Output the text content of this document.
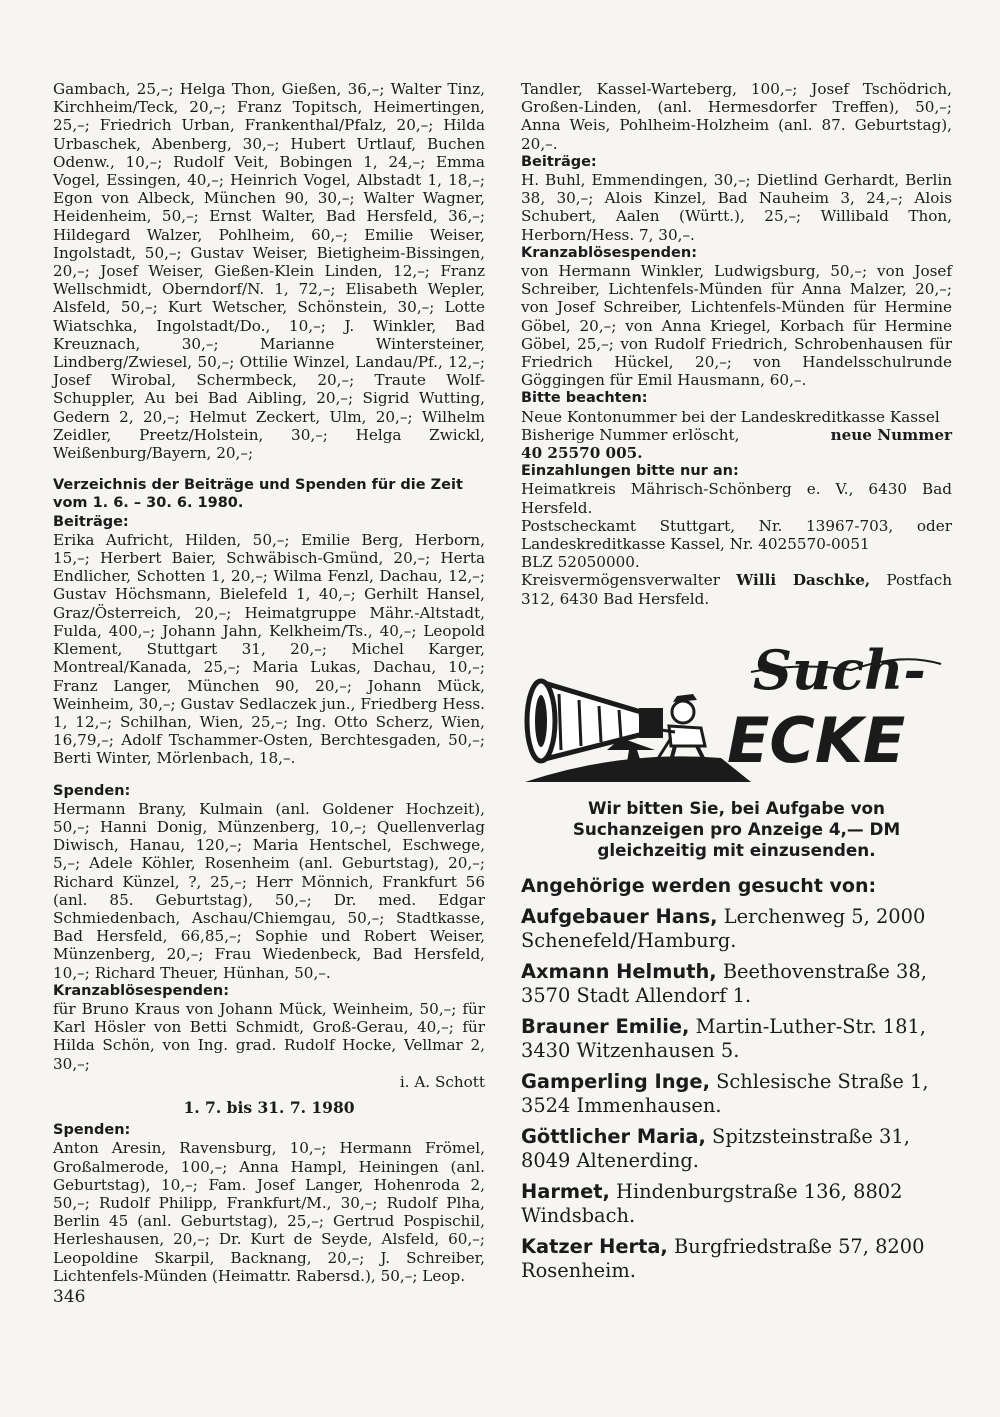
Gambach, 25,–; Helga Thon, Gießen, 36,–; Walter Tinz, Kirchheim/Teck, 20,–; Franz Topitsch, Heimertingen, 25,–; Friedrich Urban, Frankenthal/Pfalz, 20,–; Hilda Urbaschek, Abenberg, 30,–; Hubert Urtlauf, Buchen Odenw., 10,–; Rudolf Veit, Bobingen 1, 24,–; Emma Vogel, Essingen, 40,–; Heinrich Vogel, Albstadt 1, 18,–; Egon von Albeck, München 90, 30,–; Walter Wagner, Heidenheim, 50,–; Ernst Walter, Bad Hersfeld, 36,–; Hildegard Walzer, Pohlheim, 60,–; Emilie Weiser, Ingolstadt, 50,–; Gustav Weiser, Bietigheim-Bissingen, 20,–; Josef Weiser, Gießen-Klein Linden, 12,–; Franz Wellschmidt, Oberndorf/N. 1, 72,–; Elisabeth Wepler, Alsfeld, 50,–; Kurt Wetscher, Schönstein, 30,–; Lotte Wiatschka, Ingolstadt/Do., 10,–; J. Winkler, Bad Kreuznach, 30,–; Marianne Wintersteiner, Lindberg/Zwiesel, 50,–; Ottilie Winzel, Landau/Pf., 12,–; Josef Wirobal, Schermbeck, 20,–; Traute Wolf-Schuppler, Au bei Bad Aibling, 20,–; Sigrid Wutting, Gedern 2, 20,–; Helmut Zeckert, Ulm, 20,–; Wilhelm Zeidler, Preetz/Holstein, 30,–; Helga Zwickl, Weißenburg/Bayern, 20,–;

Verzeichnis der Beiträge und Spenden für die Zeit vom 1. 6. – 30. 6. 1980.

Beiträge:

Erika Aufricht, Hilden, 50,–; Emilie Berg, Herborn, 15,–; Herbert Baier, Schwäbisch-Gmünd, 20,–; Herta Endlicher, Schotten 1, 20,–; Wilma Fenzl, Dachau, 12,–; Gustav Höchsmann, Bielefeld 1, 40,–; Gerhilt Hansel, Graz/Österreich, 20,–; Heimatgruppe Mähr.-Altstadt, Fulda, 400,–; Johann Jahn, Kelkheim/Ts., 40,–; Leopold Klement, Stuttgart 31, 20,–; Michel Karger, Montreal/Kanada, 25,–; Maria Lukas, Dachau, 10,–; Franz Langer, München 90, 20,–; Johann Mück, Weinheim, 30,–; Gustav Sedlaczek jun., Friedberg Hess. 1, 12,–; Schilhan, Wien, 25,–; Ing. Otto Scherz, Wien, 16,79,–; Adolf Tschammer-Osten, Berchtesgaden, 50,–; Berti Winter, Mörlenbach, 18,–.

Spenden:

Hermann Brany, Kulmain (anl. Goldener Hochzeit), 50,–; Hanni Donig, Münzenberg, 10,–; Quellenverlag Diwisch, Hanau, 120,–; Maria Hentschel, Eschwege, 5,–; Adele Köhler, Rosenheim (anl. Geburtstag), 20,–; Richard Künzel, ?, 25,–; Herr Mönnich, Frankfurt 56 (anl. 85. Geburtstag), 50,–; Dr. med. Edgar Schmiedenbach, Aschau/Chiemgau, 50,–; Stadtkasse, Bad Hersfeld, 66,85,–; Sophie und Robert Weiser, Münzenberg, 20,–; Frau Wiedenbeck, Bad Hersfeld, 10,–; Richard Theuer, Hünhan, 50,–.

Kranzablösespenden:

für Bruno Kraus von Johann Mück, Weinheim, 50,–; für Karl Hösler von Betti Schmidt, Groß-Gerau, 40,–; für Hilda Schön, von Ing. grad. Rudolf Hocke, Vellmar 2, 30,–;

i. A. Schott

1. 7. bis 31. 7. 1980

Spenden:

Anton Aresin, Ravensburg, 10,–; Hermann Frömel, Großalmerode, 100,–; Anna Hampl, Heiningen (anl. Geburtstag), 10,–; Fam. Josef Langer, Hohenroda 2, 50,–; Rudolf Philipp, Frankfurt/M., 30,–; Rudolf Plha, Berlin 45 (anl. Geburtstag), 25,–; Gertrud Pospischil, Herleshausen, 20,–; Dr. Kurt de Seyde, Alsfeld, 60,–; Leopoldine Skarpil, Backnang, 20,–; J. Schreiber, Lichtenfels-Münden (Heimattr. Rabersd.), 50,–; Leop.

Tandler, Kassel-Warteberg, 100,–; Josef Tschödrich, Großen-Linden, (anl. Hermesdorfer Treffen), 50,–; Anna Weis, Pohlheim-Holzheim (anl. 87. Geburtstag), 20,–.

Beiträge:

H. Buhl, Emmendingen, 30,–; Dietlind Gerhardt, Berlin 38, 30,–; Alois Kinzel, Bad Nauheim 3, 24,–; Alois Schubert, Aalen (Württ.), 25,–; Willibald Thon, Herborn/Hess. 7, 30,–.

Kranzablösespenden:

von Hermann Winkler, Ludwigsburg, 50,–; von Josef Schreiber, Lichtenfels-Münden für Anna Malzer, 20,–; von Josef Schreiber, Lichtenfels-Münden für Hermine Göbel, 20,–; von Anna Kriegel, Korbach für Hermine Göbel, 25,–; von Rudolf Friedrich, Schrobenhausen für Friedrich Hückel, 20,–; von Handelsschulrunde Göggingen für Emil Hausmann, 60,–.

Bitte beachten:

Neue Kontonummer bei der Landeskreditkasse Kassel

Bisherige Nummer erlöscht,	neue Nummer

40 25570 005.

Einzahlungen bitte nur an:

Heimatkreis Mährisch-Schönberg e. V., 6430 Bad Hersfeld.

Postscheckamt Stuttgart, Nr. 13967-703, oder Landeskreditkasse Kassel, Nr. 4025570-0051

BLZ 52050000.

Kreisvermögensverwalter Willi Daschke, Postfach 312, 6430 Bad Hersfeld.

Such-
ECKE

Wir bitten Sie, bei Aufgabe von Suchanzeigen pro Anzeige 4,— DM gleichzeitig mit einzusenden.

Angehörige werden gesucht von:

Aufgebauer Hans, Lerchenweg 5, 2000 Schenefeld/Hamburg.

Axmann Helmuth, Beethovenstraße 38, 3570 Stadt Allendorf 1.

Brauner Emilie, Martin-Luther-Str. 181, 3430 Witzenhausen 5.

Gamperling Inge, Schlesische Straße 1, 3524 Immenhausen.

Göttlicher Maria, Spitzsteinstraße 31, 8049 Altenerding.

Harmet, Hindenburgstraße 136, 8802 Windsbach.

Katzer Herta, Burgfriedstraße 57, 8200 Rosenheim.

346
